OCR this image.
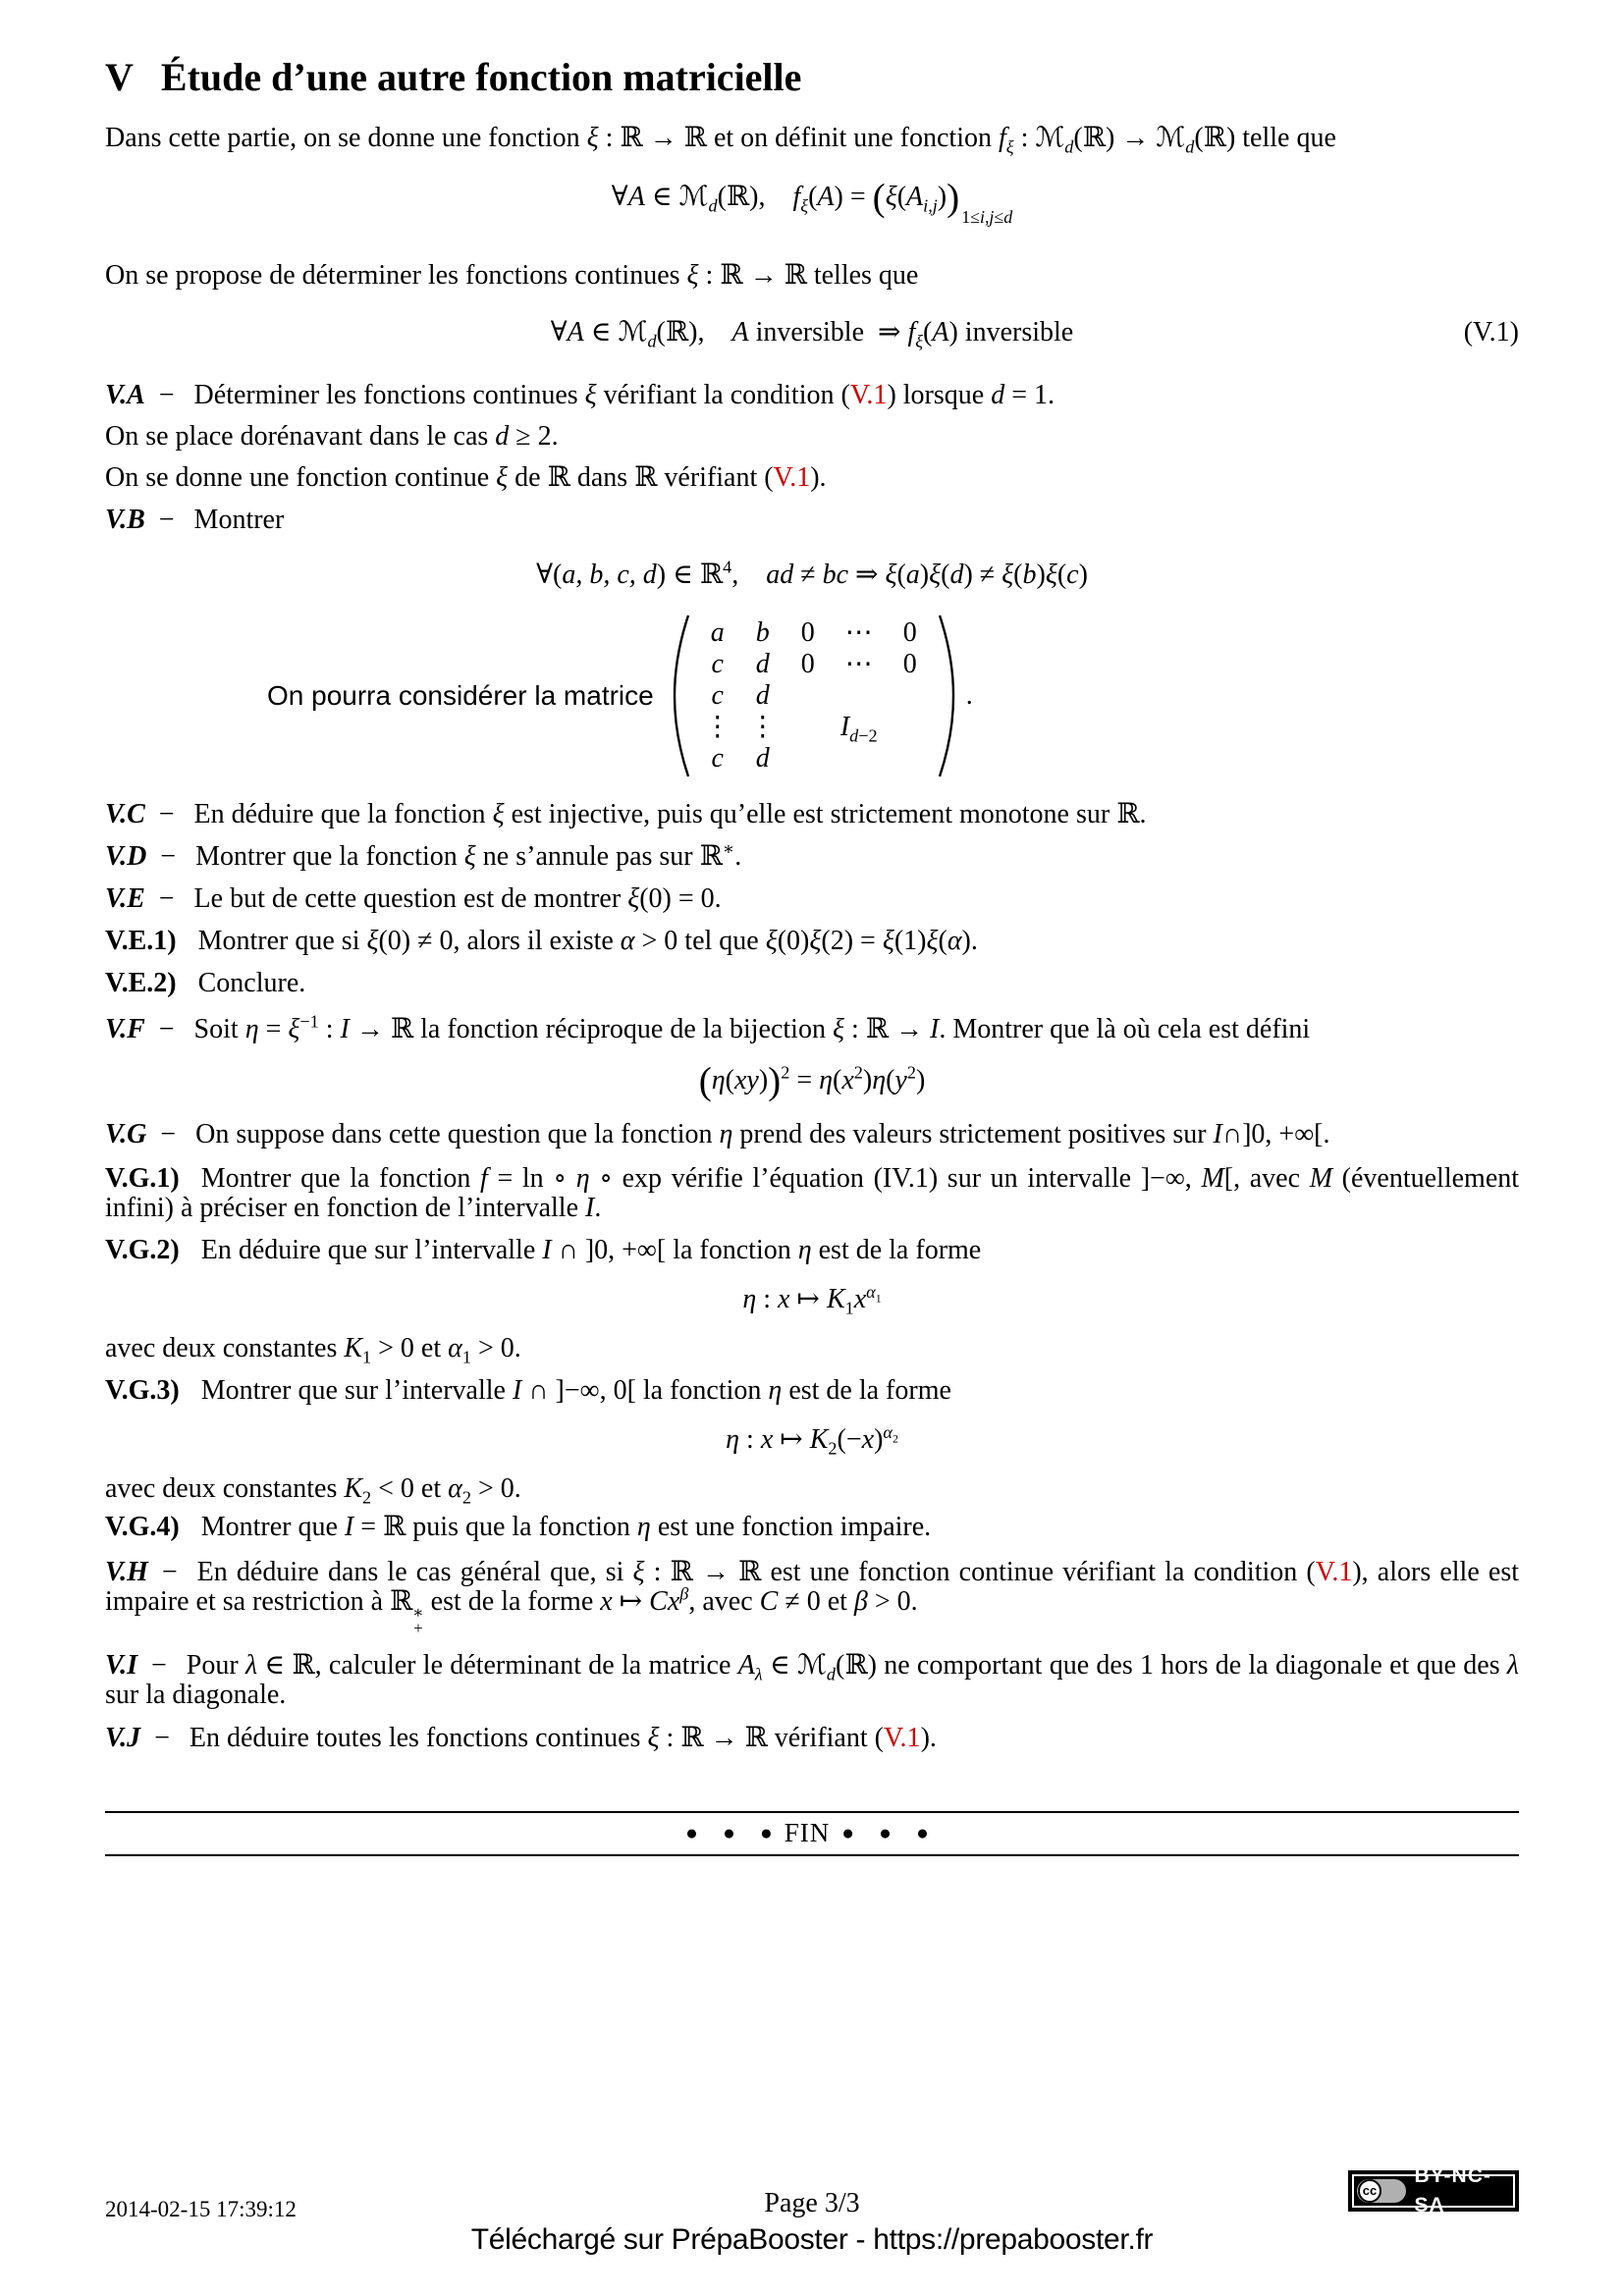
V Étude d’une autre fonction matricielle

Dans cette partie, on se donne une fonction ξ : ℝ → ℝ et on définit une fonction $f_\xi$ : ℳ$_d$(ℝ) → ℳ$_d$(ℝ) telle que

∀A ∈ ℳ$_d$(ℝ),    $f_\xi(A) = (\xi(A_{i,j}))$ $_{1\le i,j\le d}$

On se propose de déterminer les fonctions continues ξ : ℝ → ℝ telles que

∀A ∈ ℳ$_d$(ℝ),    A inversible  ⇒ $f_\xi(A)$ inversible	(V.1)

V.A − Déterminer les fonctions continues ξ vérifiant la condition (V.1) lorsque d = 1.

On se place dorénavant dans le cas d ≥ 2.

On se donne une fonction continue ξ de ℝ dans ℝ vérifiant (V.1).

V.B − Montrer

∀(a, b, c, d) ∈ ℝ$^4$,    ad ≠ bc ⇒ ξ(a)ξ(d) ≠ ξ(b)ξ(c)
On pourra considérer la matrice
a b 0 ⋯ 0
c d 0 ⋯ 0
c d
⋮ ⋮ $I_{d-2}$
c d
.

V.C − En déduire que la fonction ξ est injective, puis qu’elle est strictement monotone sur ℝ.

V.D − Montrer que la fonction ξ ne s’annule pas sur ℝ∗.

V.E − Le but de cette question est de montrer ξ(0) = 0.

V.E.1) Montrer que si ξ(0) ≠ 0, alors il existe α > 0 tel que ξ(0)ξ(2) = ξ(1)ξ(α).

V.E.2) Conclure.

V.F − Soit $\eta = \xi^{-1}$ : I → ℝ la fonction réciproque de la bijection ξ : ℝ → I. Montrer que là où cela est défini

$(\eta(xy))^2 = \eta(x^2)\eta(y^2)$

V.G − On suppose dans cette question que la fonction η prend des valeurs strictement positives sur I∩]0, +∞[.

V.G.1) Montrer que la fonction f = ln ∘ η ∘ exp vérifie l’équation (IV.1) sur un intervalle ]−∞, M[, avec M (éventuellement infini) à préciser en fonction de l’intervalle I.

V.G.2) En déduire que sur l’intervalle I ∩ ]0, +∞[ la fonction η est de la forme

η : x ↦ $K_1x^{\alpha_1}$

avec deux constantes $K_1 > 0$ et $\alpha_1 > 0$.

V.G.3) Montrer que sur l’intervalle I ∩ ]−∞, 0[ la fonction η est de la forme

η : x ↦ $K_2(-x)^{\alpha_2}$

avec deux constantes $K_2 < 0$ et $\alpha_2 > 0$.

V.G.4) Montrer que I = ℝ puis que la fonction η est une fonction impaire.

V.H − En déduire dans le cas général que, si ξ : ℝ → ℝ est une fonction continue vérifiant la condition (V.1), alors elle est impaire et sa restriction à ℝ ∗
+
est de la forme x ↦ $Cx^\beta$, avec C ≠ 0 et β > 0.

V.I − Pour λ ∈ ℝ, calculer le déterminant de la matrice $A_\lambda$ ∈ ℳ$_d$(ℝ) ne comportant que des 1 hors de la diagonale et que des λ sur la diagonale.

V.J − En déduire toutes les fonctions continues ξ : ℝ → ℝ vérifiant (V.1).

● ● ●FIN ● ● ●
2014-02-15 17:39:12	Page 3/3	cc
BY-NC-SA
Téléchargé sur PrépaBooster - https://prepabooster.fr
